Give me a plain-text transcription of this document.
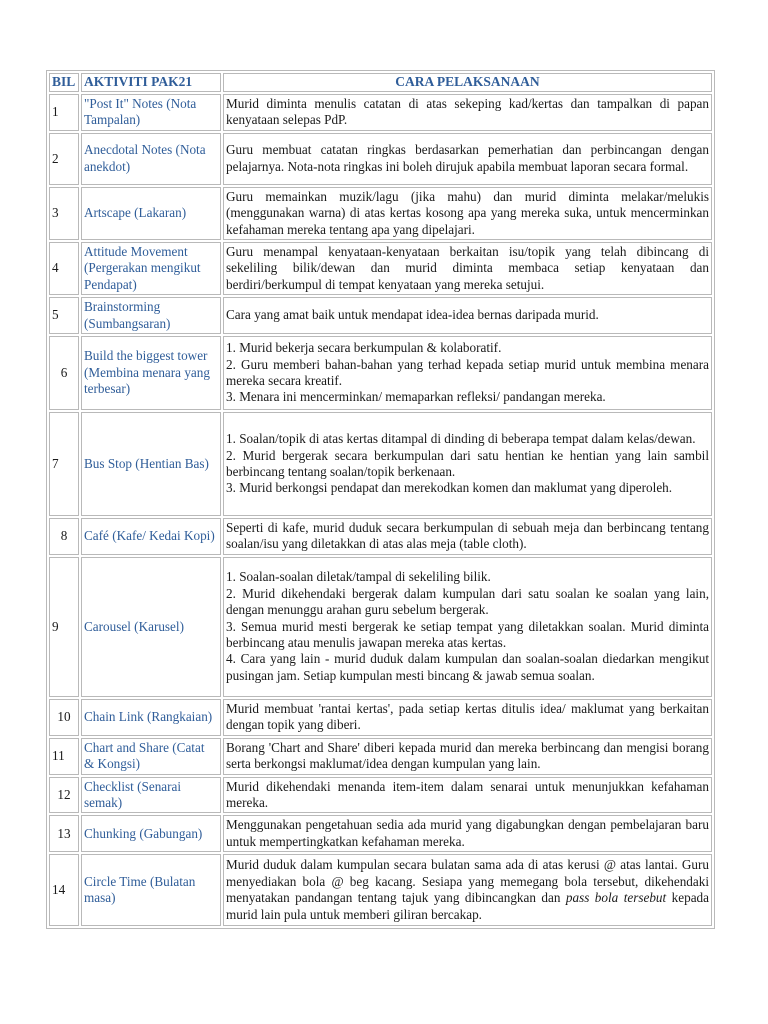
BIL	AKTIVITI PAK21	CARA PELAKSANAAN
1	"Post It" Notes (Nota Tampalan)	Murid diminta menulis catatan di atas sekeping kad/kertas dan tampalkan di papan kenyataan selepas PdP.

2	Anecdotal Notes (Nota anekdot)	Guru membuat catatan ringkas berdasarkan pemerhatian dan perbincangan dengan pelajarnya. Nota-nota ringkas ini boleh dirujuk apabila membuat laporan secara formal.

3	Artscape (Lakaran)	Guru memainkan muzik/lagu (jika mahu) dan murid diminta melakar/melukis (menggunakan warna) di atas kertas kosong apa yang mereka suka, untuk mencerminkan kefahaman mereka tentang apa yang dipelajari.

4	Attitude Movement (Pergerakan mengikut Pendapat)	Guru menampal kenyataan-kenyataan berkaitan isu/topik yang telah dibincang di sekeliling bilik/dewan dan murid diminta membaca setiap kenyataan dan berdiri/berkumpul di tempat kenyataan yang mereka setujui.

5	Brainstorming (Sumbangsaran)	Cara yang amat baik untuk mendapat idea-idea bernas daripada murid.

6	Build the biggest tower (Membina menara yang terbesar)	1. Murid bekerja secara berkumpulan & kolaboratif.
2. Guru memberi bahan-bahan yang terhad kepada setiap murid untuk membina menara mereka secara kreatif.
3. Menara ini mencerminkan/ memaparkan refleksi/ pandangan mereka.

7	Bus Stop (Hentian Bas)	1. Soalan/topik di atas kertas ditampal di dinding di beberapa tempat dalam kelas/dewan.
2. Murid bergerak secara berkumpulan dari satu hentian ke hentian yang lain sambil berbincang tentang soalan/topik berkenaan.
3. Murid berkongsi pendapat dan merekodkan komen dan maklumat yang diperoleh.

8	Café (Kafe/ Kedai Kopi)	Seperti di kafe, murid duduk secara berkumpulan di sebuah meja dan berbincang tentang soalan/isu yang diletakkan di atas alas meja (table cloth).

9	Carousel (Karusel)	1. Soalan-soalan diletak/tampal di sekeliling bilik.
2. Murid dikehendaki bergerak dalam kumpulan dari satu soalan ke soalan yang lain, dengan menunggu arahan guru sebelum bergerak.
3. Semua murid mesti bergerak ke setiap tempat yang diletakkan soalan. Murid diminta berbincang atau menulis jawapan mereka atas kertas.
4. Cara yang lain - murid duduk dalam kumpulan dan soalan-soalan diedarkan mengikut pusingan jam. Setiap kumpulan mesti bincang & jawab semua soalan.

10	Chain Link (Rangkaian)	Murid membuat 'rantai kertas', pada setiap kertas ditulis idea/ maklumat yang berkaitan dengan topik yang diberi.

11	Chart and Share (Catat & Kongsi)	Borang 'Chart and Share' diberi kepada murid dan mereka berbincang dan mengisi borang serta berkongsi maklumat/idea dengan kumpulan yang lain.

12	Checklist (Senarai semak)	Murid dikehendaki menanda item-item dalam senarai untuk menunjukkan kefahaman mereka.

13	Chunking (Gabungan)	Menggunakan pengetahuan sedia ada murid yang digabungkan dengan pembelajaran baru untuk mempertingkatkan kefahaman mereka.

14	Circle Time (Bulatan masa)	Murid duduk dalam kumpulan secara bulatan sama ada di atas kerusi @ atas lantai. Guru menyediakan bola @ beg kacang. Sesiapa yang memegang bola tersebut, dikehendaki menyatakan pandangan tentang tajuk yang dibincangkan dan pass bola tersebut kepada murid lain pula untuk memberi giliran bercakap.
